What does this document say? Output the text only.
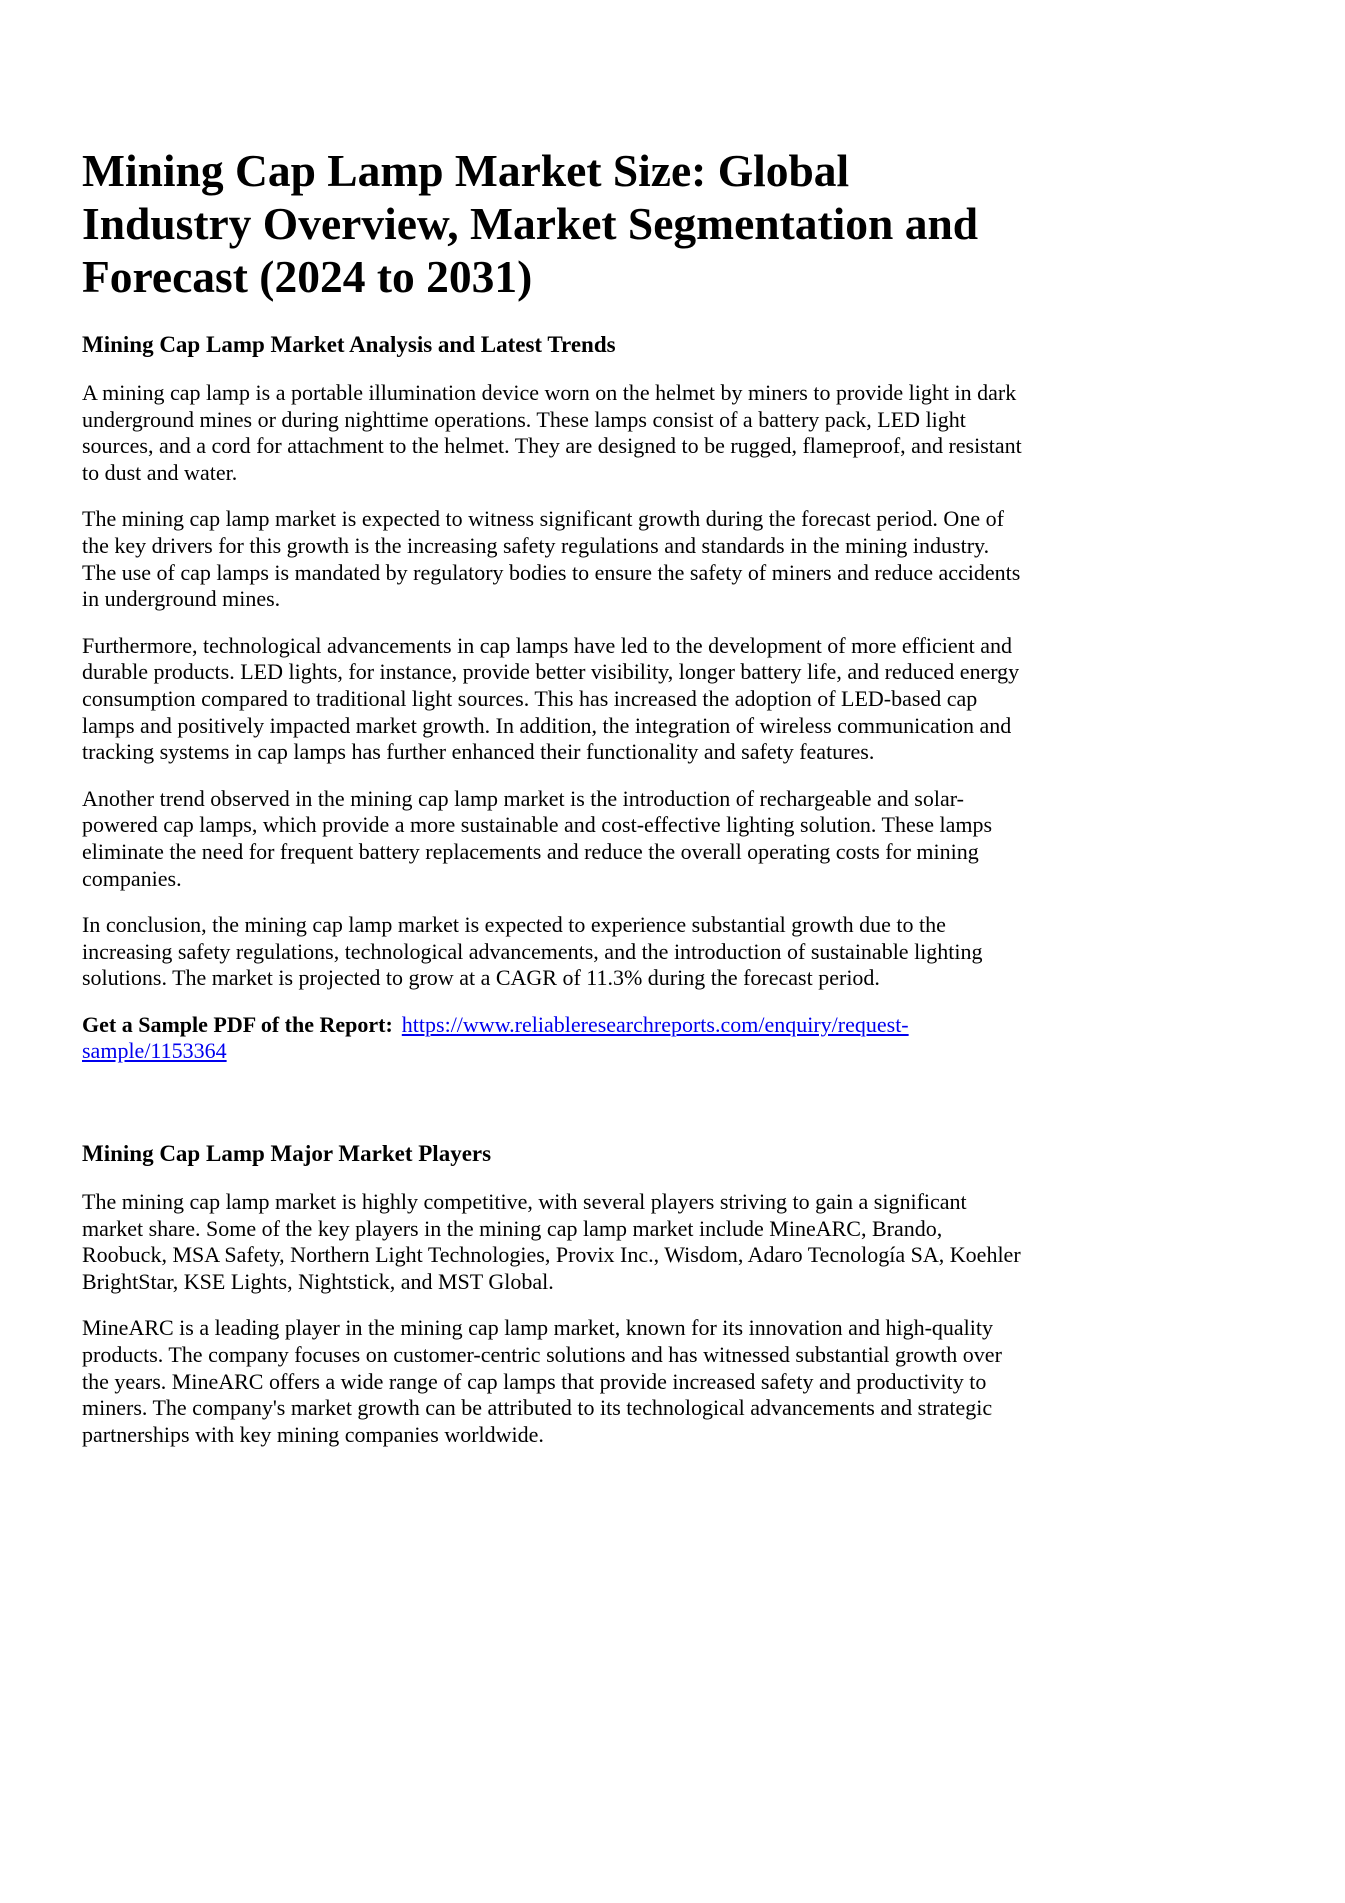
Mining Cap Lamp Market Size: Global Industry Overview, Market Segmentation and Forecast (2024 to 2031)
Mining Cap Lamp Market Analysis and Latest Trends

A mining cap lamp is a portable illumination device worn on the helmet by miners to provide light in dark underground mines or during nighttime operations. These lamps consist of a battery pack, LED light sources, and a cord for attachment to the helmet. They are designed to be rugged, flameproof, and resistant to dust and water.

The mining cap lamp market is expected to witness significant growth during the forecast period. One of the key drivers for this growth is the increasing safety regulations and standards in the mining industry. The use of cap lamps is mandated by regulatory bodies to ensure the safety of miners and reduce accidents in underground mines.

Furthermore, technological advancements in cap lamps have led to the development of more efficient and durable products. LED lights, for instance, provide better visibility, longer battery life, and reduced energy consumption compared to traditional light sources. This has increased the adoption of LED-based cap lamps and positively impacted market growth. In addition, the integration of wireless communication and tracking systems in cap lamps has further enhanced their functionality and safety features.

Another trend observed in the mining cap lamp market is the introduction of rechargeable and solar-powered cap lamps, which provide a more sustainable and cost-effective lighting solution. These lamps eliminate the need for frequent battery replacements and reduce the overall operating costs for mining companies.

In conclusion, the mining cap lamp market is expected to experience substantial growth due to the increasing safety regulations, technological advancements, and the introduction of sustainable lighting solutions. The market is projected to grow at a CAGR of 11.3% during the forecast period.

Get a Sample PDF of the Report: https://www.reliableresearchreports.com/enquiry/request-sample/1153364

Mining Cap Lamp Major Market Players

The mining cap lamp market is highly competitive, with several players striving to gain a significant market share. Some of the key players in the mining cap lamp market include MineARC, Brando, Roobuck, MSA Safety, Northern Light Technologies, Provix Inc., Wisdom, Adaro Tecnología SA, Koehler BrightStar, KSE Lights, Nightstick, and MST Global.

MineARC is a leading player in the mining cap lamp market, known for its innovation and high-quality products. The company focuses on customer-centric solutions and has witnessed substantial growth over the years. MineARC offers a wide range of cap lamps that provide increased safety and productivity to miners. The company's market growth can be attributed to its technological advancements and strategic partnerships with key mining companies worldwide.
